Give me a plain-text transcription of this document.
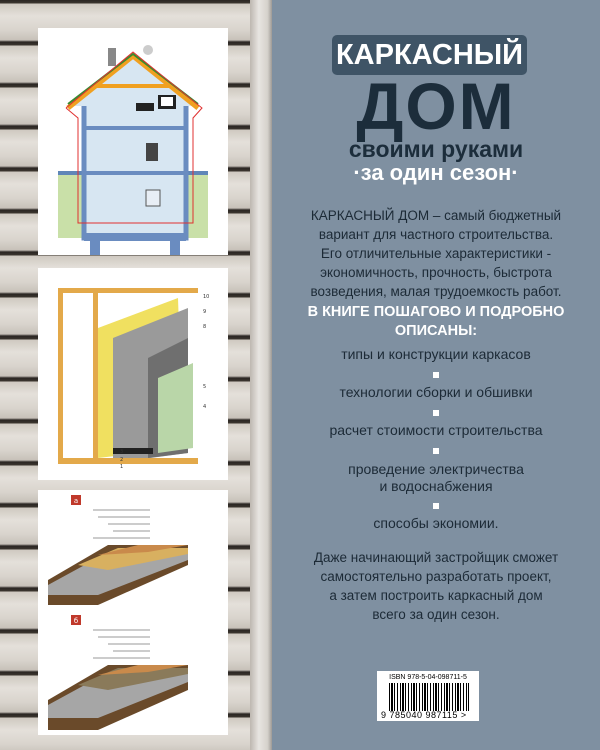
10
9
8
5
4
3
2
1
а
б
КАРКАСНЫЙ
ДОМ
своими руками
·за один сезон·
КАРКАСНЫЙ ДОМ – самый бюджетный
вариант для частного строительства.
Его отличительные характеристики -
экономичность, прочность, быстрота
возведения, малая трудоемкость работ.
В КНИГЕ ПОШАГОВО И ПОДРОБНО
ОПИСАНЫ:
типы и конструкции каркасов
технологии сборки и обшивки
расчет стоимости строительства
проведение электричества
и водоснабжения
способы экономии.
Даже начинающий застройщик сможет
самостоятельно разработать проект,
а затем построить каркасный дом
всего за один сезон.
ISBN 978-5-04-098711-5
9 785040 987115 >
